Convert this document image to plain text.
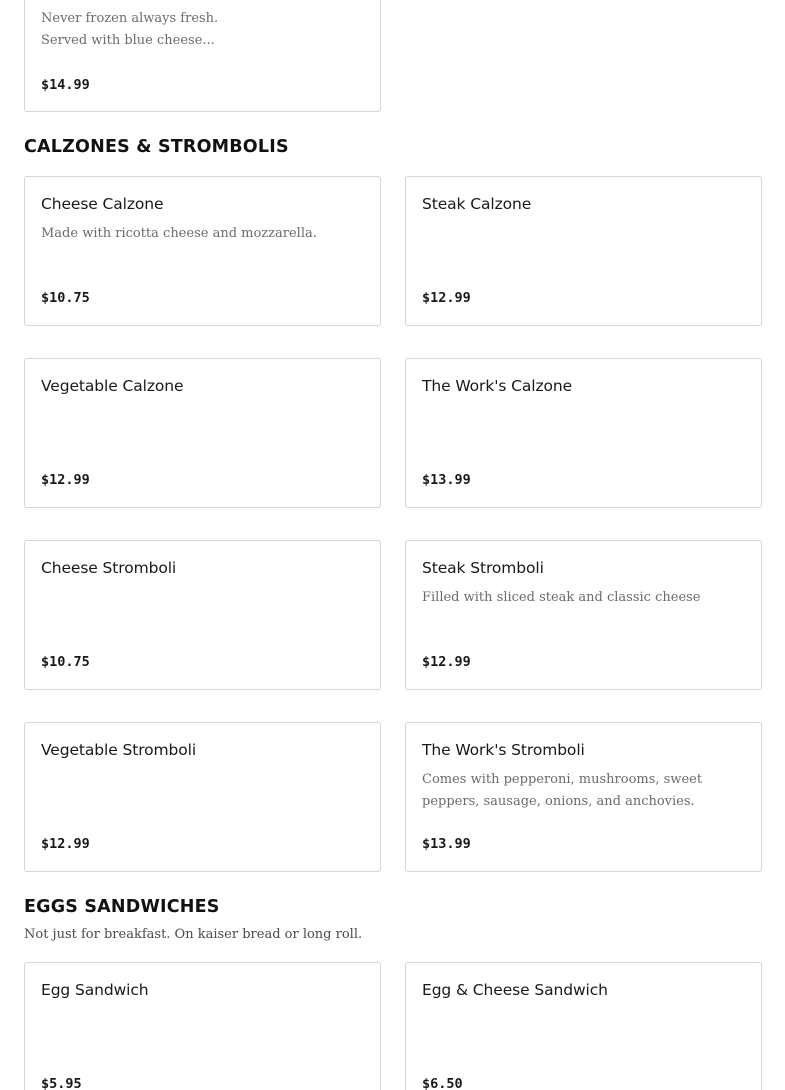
Never frozen always fresh.
Served with blue cheese...
$14.99
CALZONES & STROMBOLIS
Cheese Calzone
Made with ricotta cheese and mozzarella.
$10.75
Steak Calzone
$12.99
Vegetable Calzone
$12.99
The Work's Calzone
$13.99
Cheese Stromboli
$10.75
Steak Stromboli
Filled with sliced steak and classic cheese
$12.99
Vegetable Stromboli
$12.99
The Work's Stromboli
Comes with pepperoni, mushrooms, sweet peppers, sausage, onions, and anchovies.
$13.99
EGGS SANDWICHES
Not just for breakfast. On kaiser bread or long roll.
Egg Sandwich
$5.95
Egg & Cheese Sandwich
$6.50
